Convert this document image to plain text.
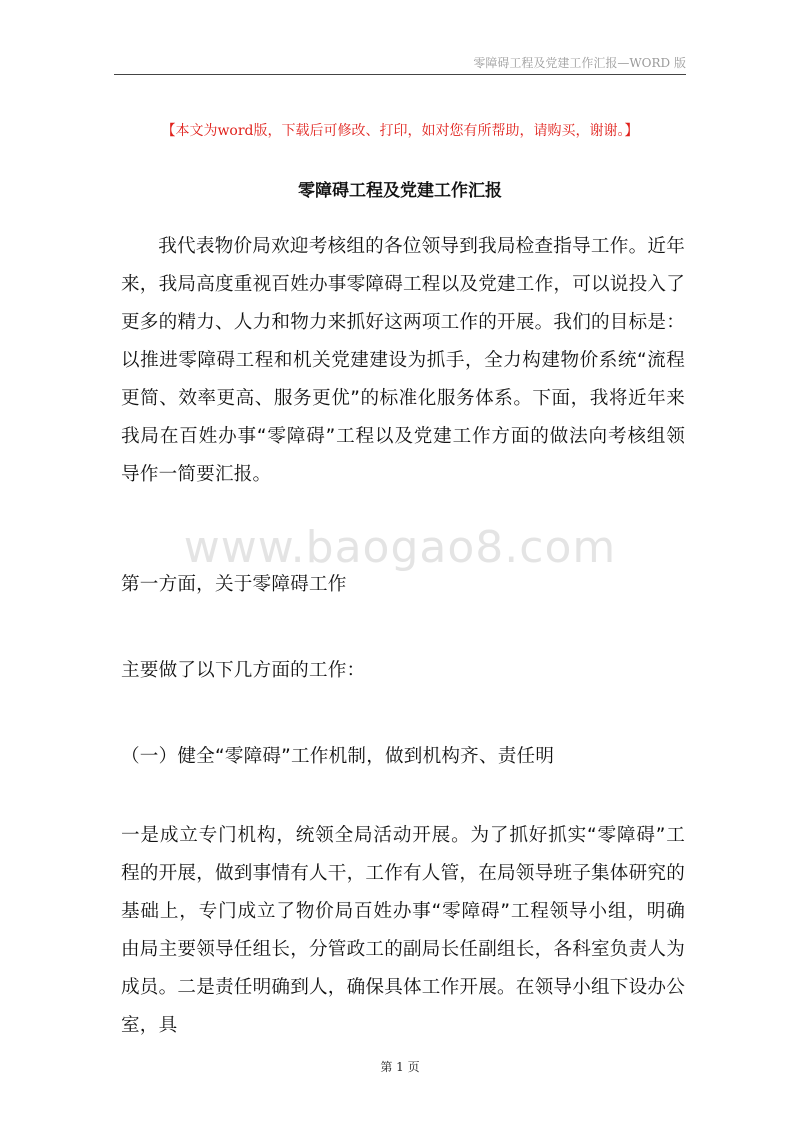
零障碍工程及党建工作汇报—WORD 版
【本文为word版，下载后可修改、打印，如对您有所帮助，请购买，谢谢。】
零障碍工程及党建工作汇报
我代表物价局欢迎考核组的各位领导到我局检查指导工作。近年来，我局高度重视百姓办事零障碍工程以及党建工作，可以说投入了更多的精力、人力和物力来抓好这两项工作的开展。我们的目标是：以推进零障碍工程和机关党建建设为抓手，全力构建物价系统“流程更简、效率更高、服务更优”的标准化服务体系。下面，我将近年来我局在百姓办事“零障碍”工程以及党建工作方面的做法向考核组领导作一简要汇报。
www.baogao8.com
第一方面，关于零障碍工作
主要做了以下几方面的工作：
（一）健全“零障碍”工作机制，做到机构齐、责任明
一是成立专门机构，统领全局活动开展。为了抓好抓实“零障碍”工程的开展，做到事情有人干，工作有人管，在局领导班子集体研究的基础上，专门成立了物价局百姓办事“零障碍”工程领导小组，明确由局主要领导任组长，分管政工的副局长任副组长，各科室负责人为成员。二是责任明确到人，确保具体工作开展。在领导小组下设办公室，具
第 1 页
